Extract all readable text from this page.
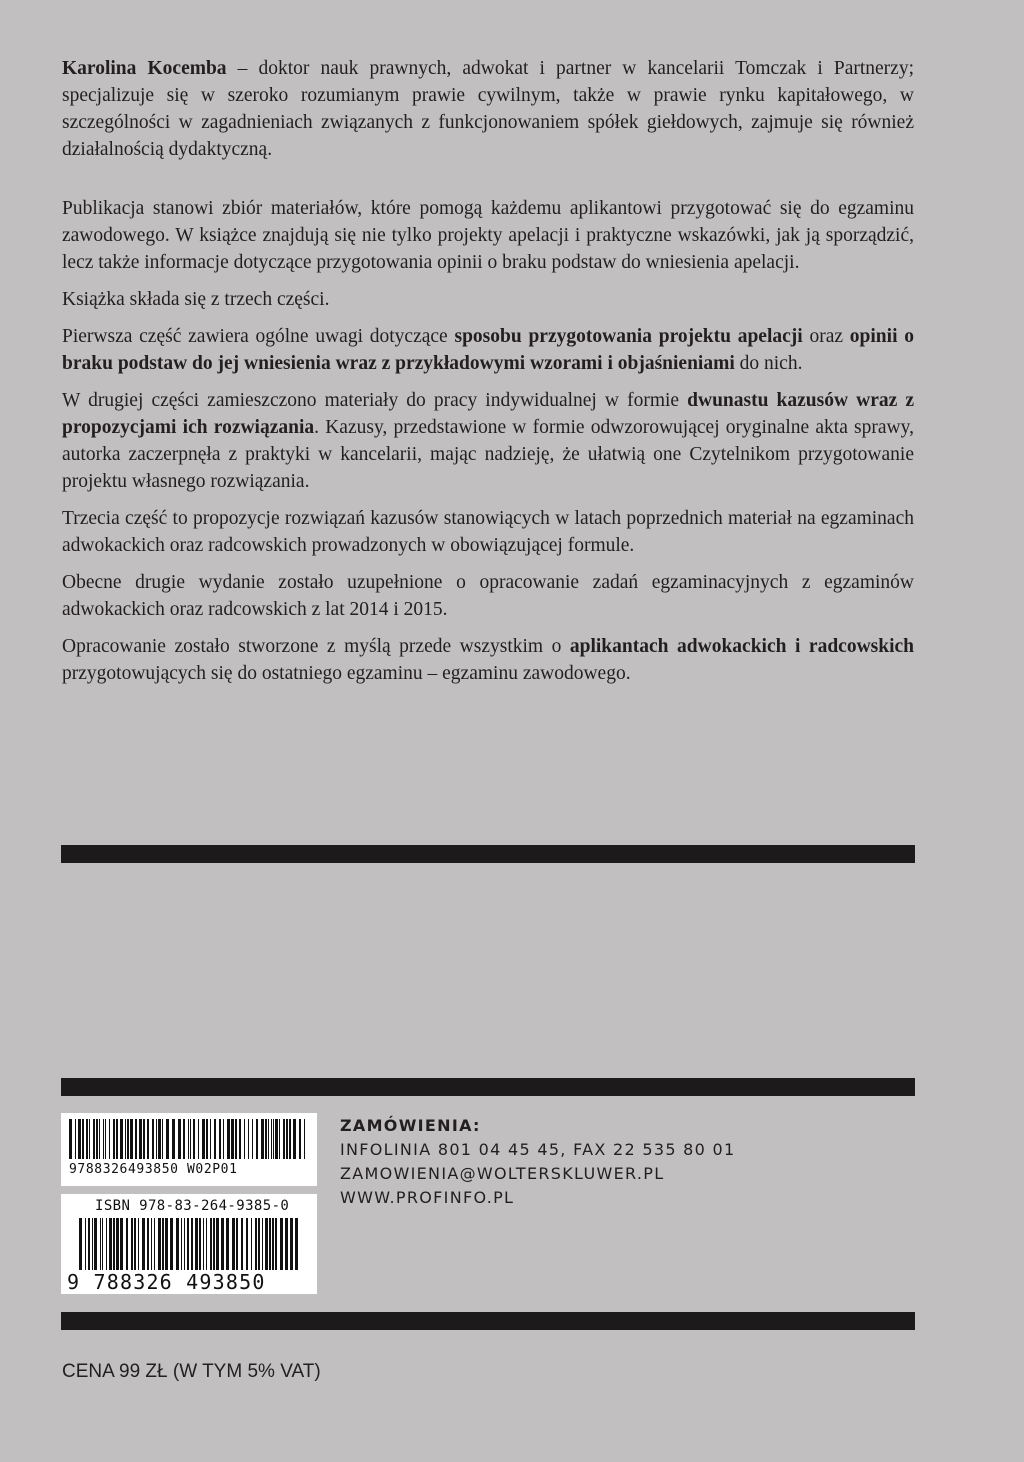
Karolina Kocemba – doktor nauk prawnych, adwokat i partner w kancelarii Tomczak i Partnerzy; specjalizuje się w szeroko rozumianym prawie cywilnym, także w prawie rynku kapitałowego, w szczególności w zagadnieniach związanych z funkcjonowaniem spółek giełdowych, zajmuje się również działalnością dydaktyczną.

Publikacja stanowi zbiór materiałów, które pomogą każdemu aplikantowi przygotować się do egzaminu zawodowego. W książce znajdują się nie tylko projekty apelacji i praktyczne wskazówki, jak ją sporządzić, lecz także informacje dotyczące przygotowania opinii o braku podstaw do wniesienia apelacji.

Książka składa się z trzech części.

Pierwsza część zawiera ogólne uwagi dotyczące sposobu przygotowania projektu apelacji oraz opinii o braku podstaw do jej wniesienia wraz z przykładowymi wzorami i objaśnieniami do nich.

W drugiej części zamieszczono materiały do pracy indywidualnej w formie dwunastu kazusów wraz z propozycjami ich rozwiązania. Kazusy, przedstawione w formie odwzorowującej oryginalne akta sprawy, autorka zaczerpnęła z praktyki w kancelarii, mając nadzieję, że ułatwią one Czytelnikom przygotowanie projektu własnego rozwiązania.

Trzecia część to propozycje rozwiązań kazusów stanowiących w latach poprzednich materiał na egzaminach adwokackich oraz radcowskich prowadzonych w obowiązującej formule.

Obecne drugie wydanie zostało uzupełnione o opracowanie zadań egzaminacyjnych z egzaminów adwokackich oraz radcowskich z lat 2014 i 2015.

Opracowanie zostało stworzone z myślą przede wszystkim o aplikantach adwokackich i radcowskich przygotowujących się do ostatniego egzaminu – egzaminu zawodowego.

9788326493850 W02P01
ISBN 978-83-264-9385-0
9 788326 493850
ZAMÓWIENIA:
INFOLINIA 801 04 45 45, FAX 22 535 80 01
ZAMOWIENIA@WOLTERSKLUWER.PL
WWW.PROFINFO.PL
CENA 99 ZŁ (W TYM 5% VAT)
